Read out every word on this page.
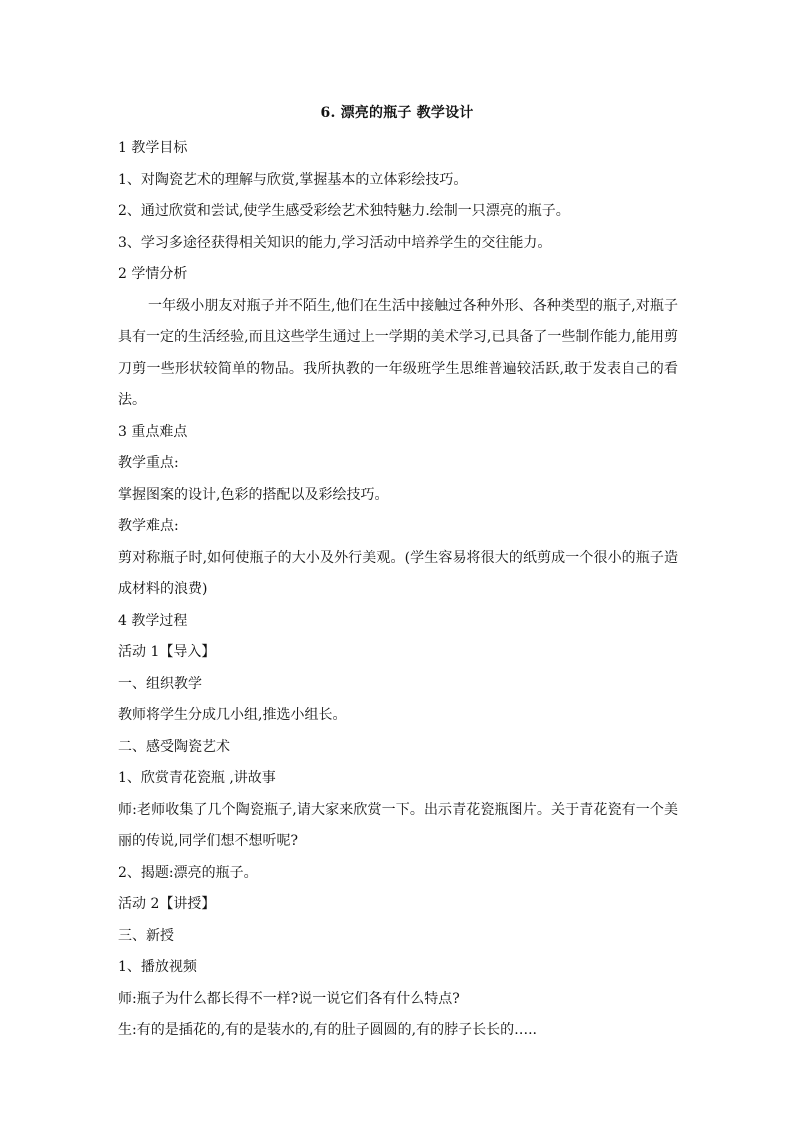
6. 漂亮的瓶子 教学设计

1 教学目标

1、对陶瓷艺术的理解与欣赏,掌握基本的立体彩绘技巧。

2、通过欣赏和尝试,使学生感受彩绘艺术独特魅力.绘制一只漂亮的瓶子。

3、学习多途径获得相关知识的能力,学习活动中培养学生的交往能力。

2 学情分析

一年级小朋友对瓶子并不陌生,他们在生活中接触过各种外形、各种类型的瓶子,对瓶子具有一定的生活经验,而且这些学生通过上一学期的美术学习,已具备了一些制作能力,能用剪刀剪一些形状较简单的物品。我所执教的一年级班学生思维普遍较活跃,敢于发表自己的看法。

3 重点难点

教学重点:

掌握图案的设计,色彩的搭配以及彩绘技巧。

教学难点:

剪对称瓶子时,如何使瓶子的大小及外行美观。(学生容易将很大的纸剪成一个很小的瓶子造成材料的浪费)

4 教学过程

活动 1【导入】

一、组织教学

教师将学生分成几小组,推选小组长。

二、感受陶瓷艺术

1、欣赏青花瓷瓶 ,讲故事

师:老师收集了几个陶瓷瓶子,请大家来欣赏一下。出示青花瓷瓶图片。关于青花瓷有一个美丽的传说,同学们想不想听呢?

2、揭题:漂亮的瓶子。

活动 2【讲授】

三、新授

1、播放视频

师:瓶子为什么都长得不一样?说一说它们各有什么特点?

生:有的是插花的,有的是装水的,有的肚子圆圆的,有的脖子长长的…..
